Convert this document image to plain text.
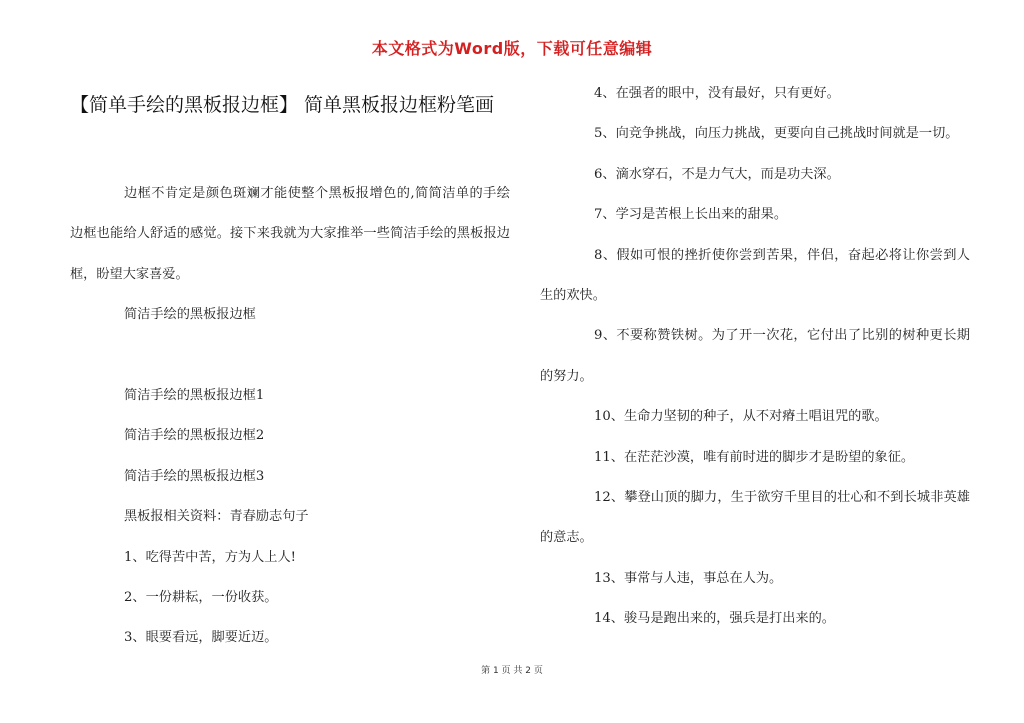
本文格式为Word版，下载可任意编辑
【简单手绘的黑板报边框】 简单黑板报边框粉笔画

边框不肯定是颜色斑斓才能使整个黑板报增色的,简简洁单的手绘边框也能给人舒适的感觉。接下来我就为大家推举一些简洁手绘的黑板报边框，盼望大家喜爱。

简洁手绘的黑板报边框

简洁手绘的黑板报边框1

简洁手绘的黑板报边框2

简洁手绘的黑板报边框3

黑板报相关资料：青春励志句子

1、吃得苦中苦，方为人上人!

2、一份耕耘，一份收获。

3、眼要看远，脚要近迈。

4、在强者的眼中，没有最好，只有更好。

5、向竞争挑战，向压力挑战，更要向自己挑战时间就是一切。

6、滴水穿石，不是力气大，而是功夫深。

7、学习是苦根上长出来的甜果。

8、假如可恨的挫折使你尝到苦果，伴侣，奋起必将让你尝到人生的欢快。

9、不要称赞铁树。为了开一次花，它付出了比别的树种更长期的努力。

10、生命力坚韧的种子，从不对瘠土唱诅咒的歌。

11、在茫茫沙漠，唯有前时进的脚步才是盼望的象征。

12、攀登山顶的脚力，生于欲穷千里目的壮心和不到长城非英雄的意志。

13、事常与人违，事总在人为。

14、骏马是跑出来的，强兵是打出来的。

第 1 页 共 2 页
